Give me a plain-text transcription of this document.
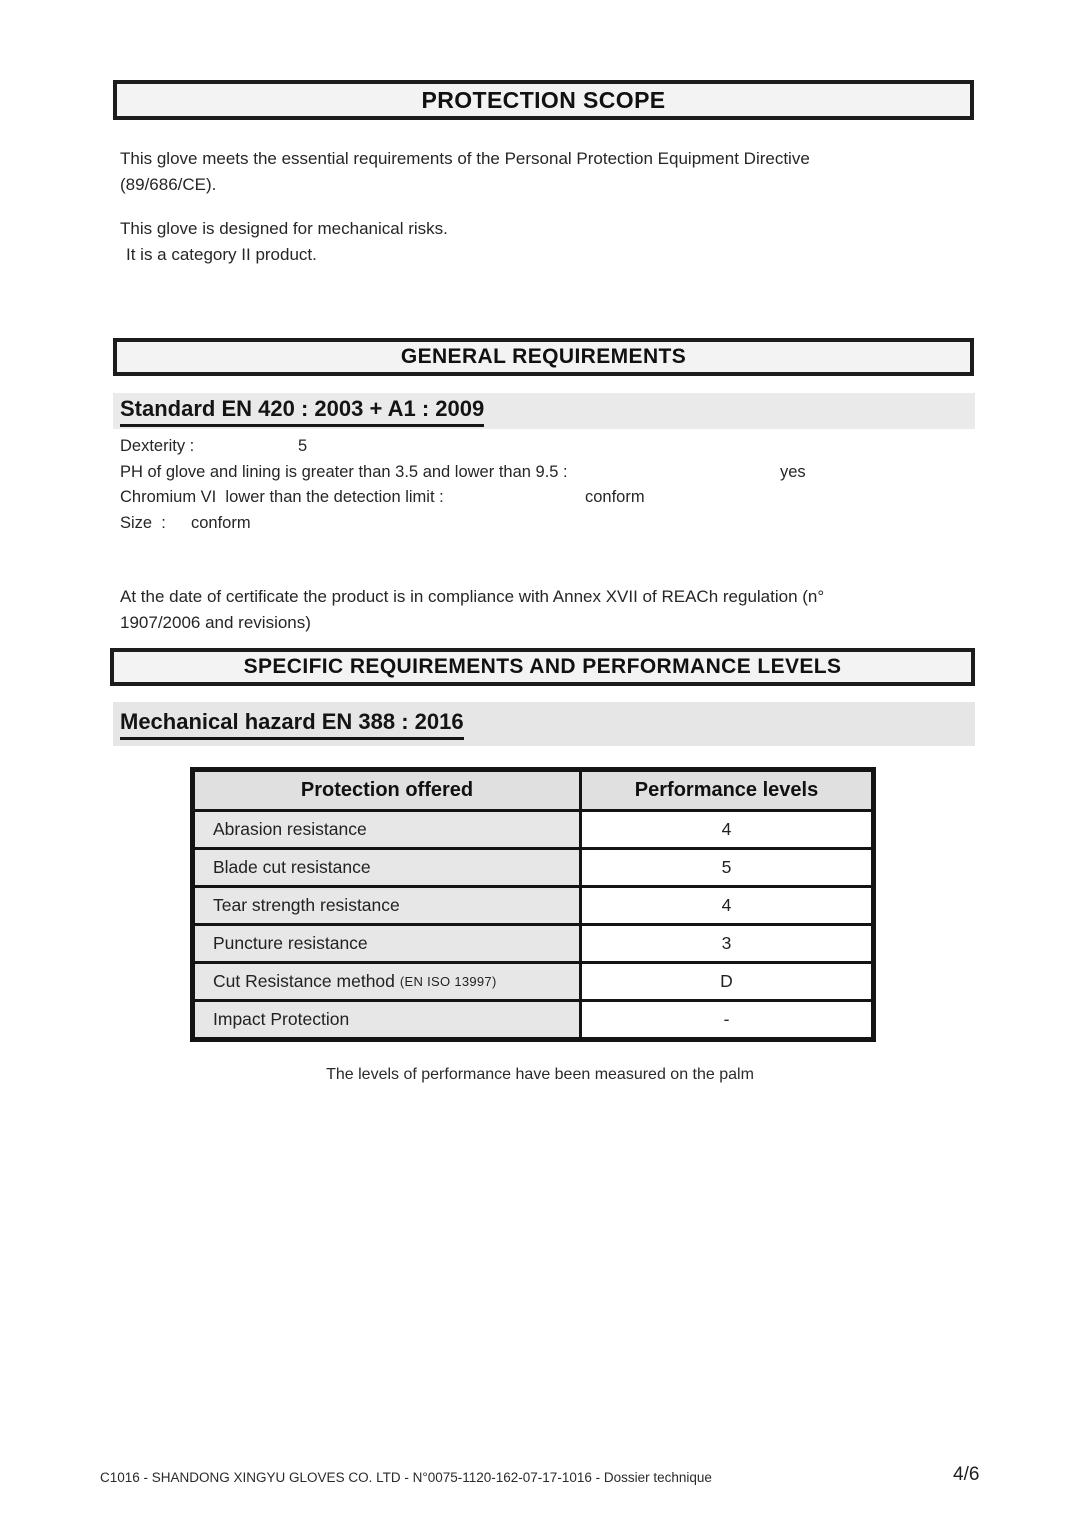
PROTECTION SCOPE
This glove meets the essential requirements of the Personal Protection Equipment Directive
(89/686/CE).
This glove is designed for mechanical risks.
It is a category II product.
GENERAL REQUIREMENTS
Standard EN 420 : 2003 + A1 : 2009
Dexterity :	5
PH of glove and lining is greater than 3.5 and lower than 9.5 :	yes
Chromium VI  lower than the detection limit :	conform
Size  : conform
At the date of certificate the product is in compliance with Annex XVII of REACh regulation (n°
1907/2006 and revisions)
SPECIFIC REQUIREMENTS AND PERFORMANCE LEVELS
Mechanical hazard EN 388 : 2016
Protection offered	Performance levels
Abrasion resistance	4
Blade cut resistance	5
Tear strength resistance	4
Puncture resistance	3
Cut Resistance method (EN ISO 13997)	D
Impact Protection	-
The levels of performance have been measured on the palm
C1016 - SHANDONG XINGYU GLOVES CO. LTD - N°0075-1120-162-07-17-1016 - Dossier technique	4/6
